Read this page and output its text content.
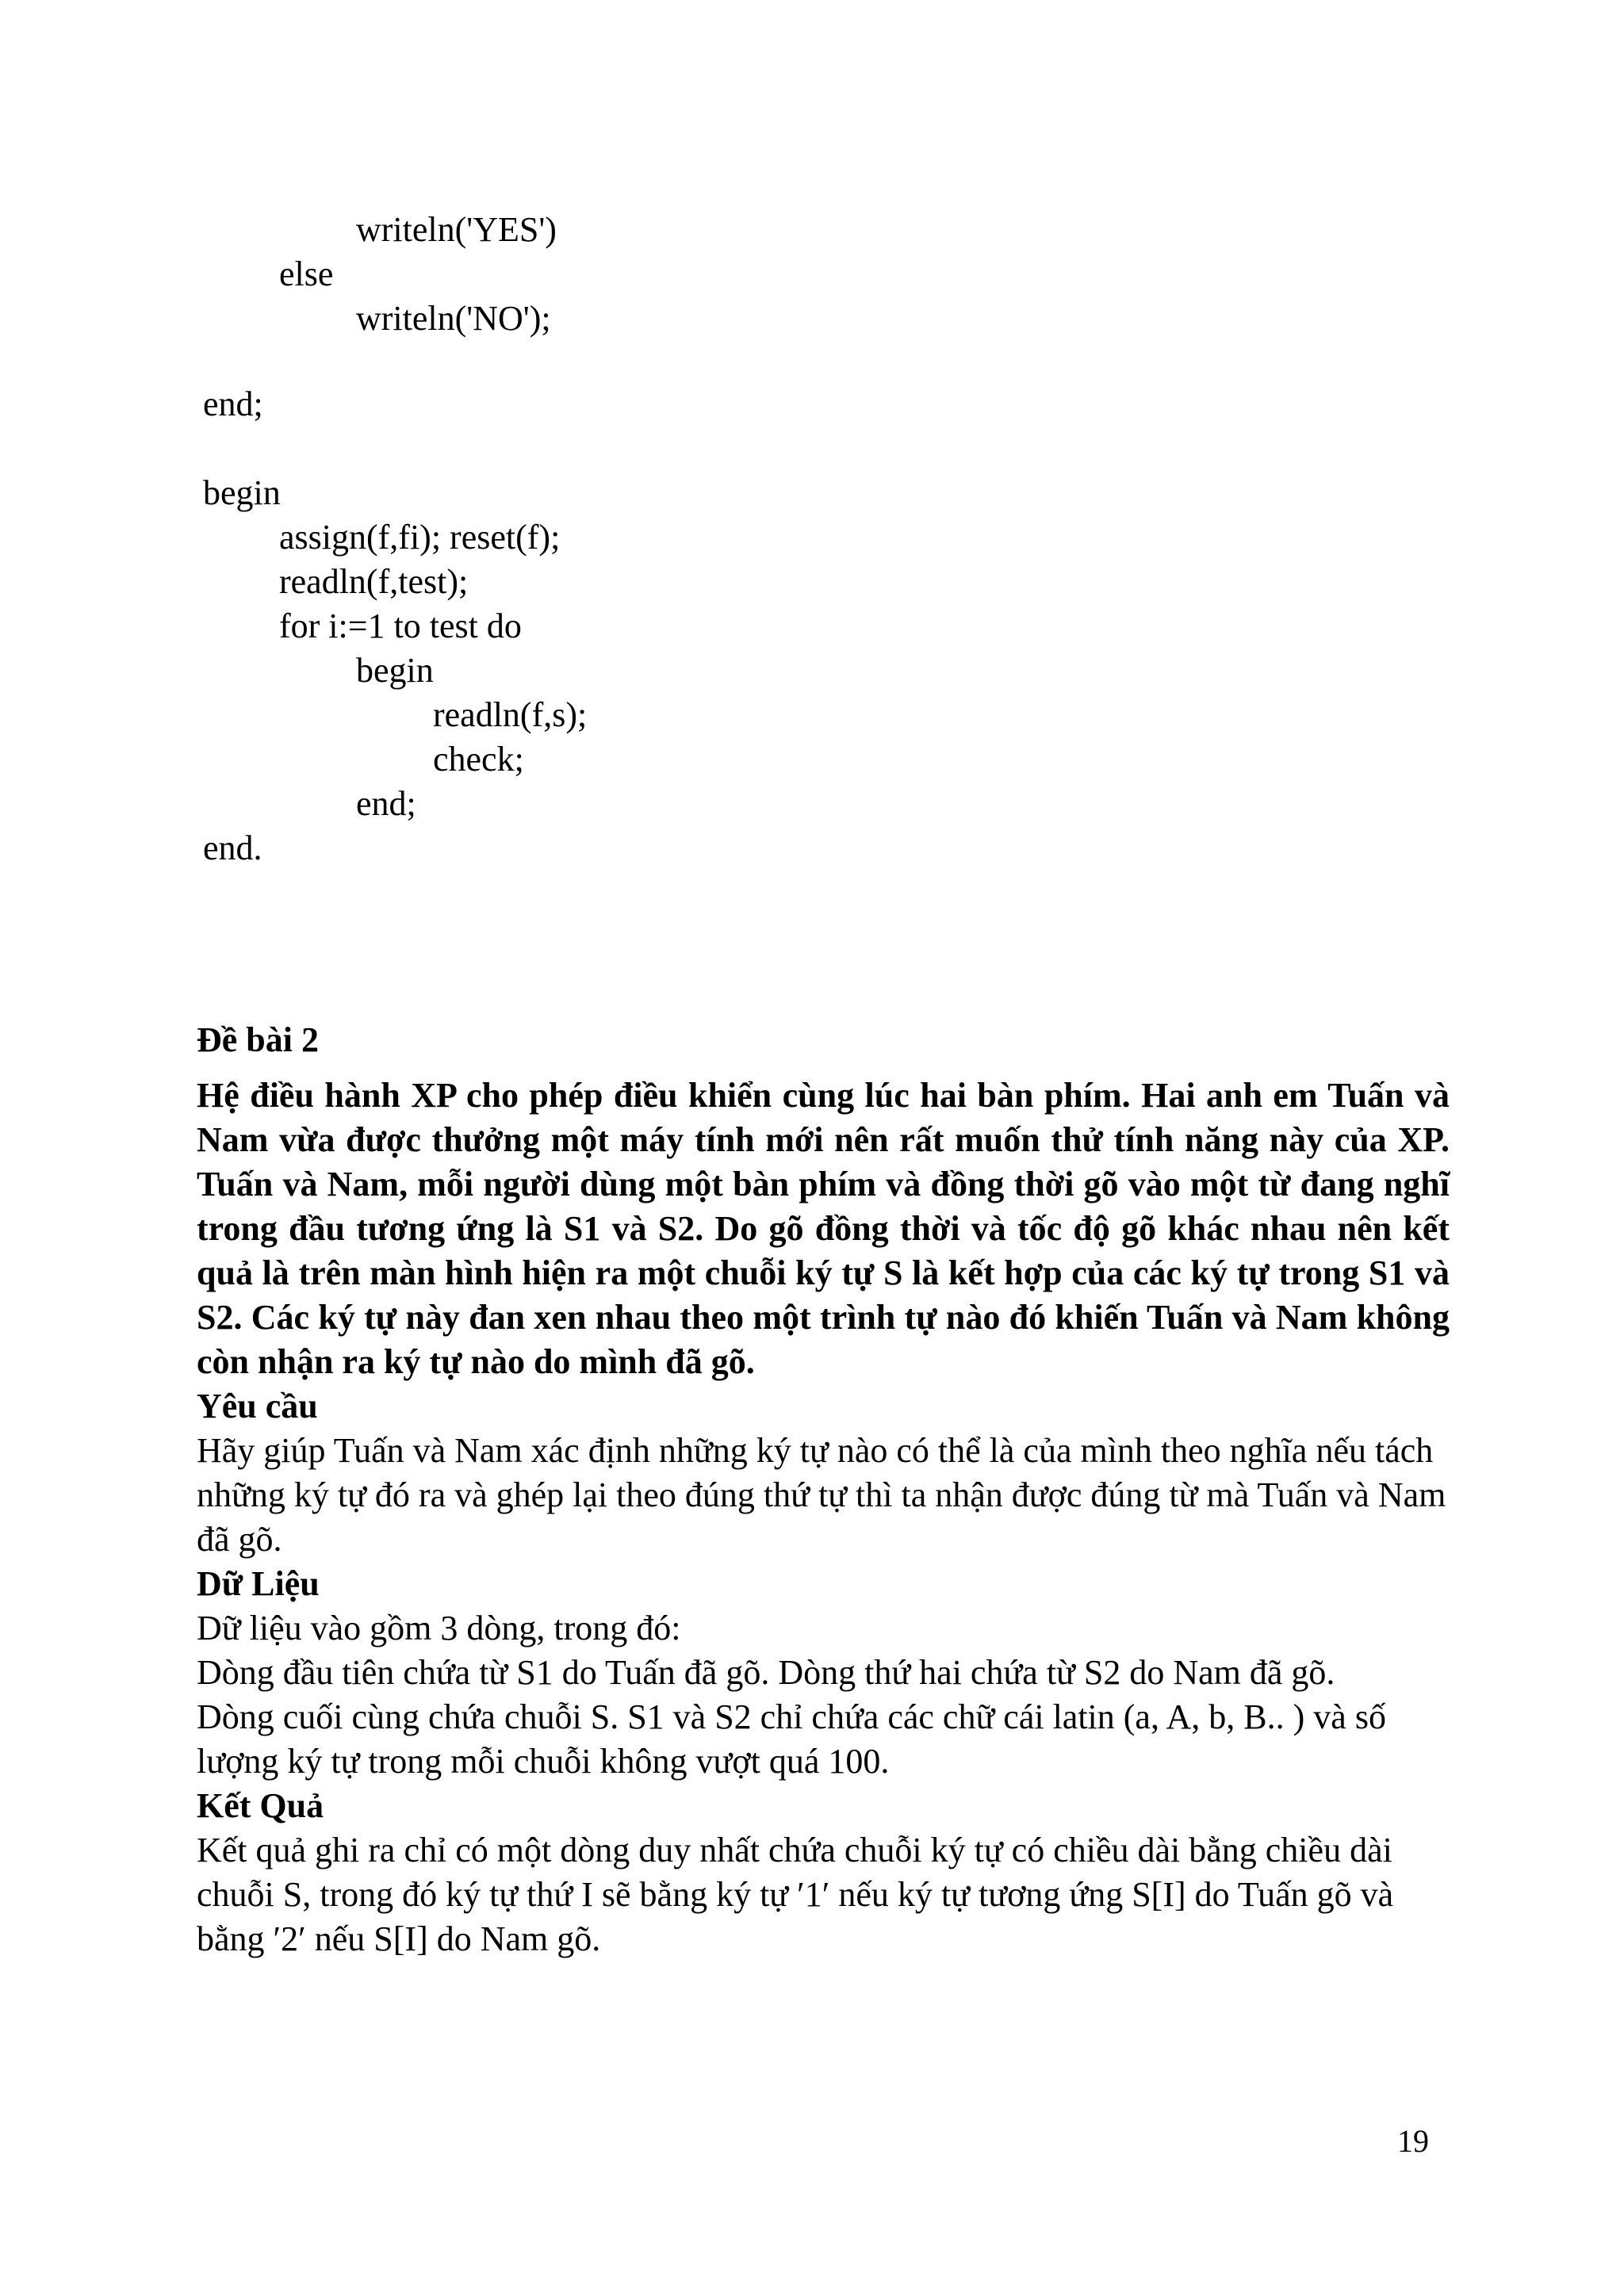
writeln('YES')
else
writeln('NO');
end;
begin
assign(f,fi); reset(f);
readln(f,test);
for i:=1 to test do
begin
readln(f,s);
check;
end;
end.
Đề bài 2
Hệ điều hành XP cho phép điều khiển cùng lúc hai bàn phím. Hai anh em Tuấn và Nam vừa được thưởng một máy tính mới nên rất muốn thử tính năng này của XP. Tuấn và Nam, mỗi người dùng một bàn phím và đồng thời gõ vào một từ đang nghĩ trong đầu tương ứng là S1 và S2. Do gõ đồng thời và tốc độ gõ khác nhau nên kết quả là trên màn hình hiện ra một chuỗi ký tự S là kết hợp của các ký tự trong S1 và S2. Các ký tự này đan xen nhau theo một trình tự nào đó khiến Tuấn và Nam không còn nhận ra ký tự nào do mình đã gõ.
Yêu cầu
Hãy giúp Tuấn và Nam xác định những ký tự nào có thể là của mình theo nghĩa nếu tách những ký tự đó ra và ghép lại theo đúng thứ tự thì ta nhận được đúng từ mà Tuấn và Nam đã gõ.
Dữ Liệu
Dữ liệu vào gồm 3 dòng, trong đó:
Dòng đầu tiên chứa từ S1 do Tuấn đã gõ. Dòng thứ hai chứa từ S2 do Nam đã gõ.
Dòng cuối cùng chứa chuỗi S. S1 và S2 chỉ chứa các chữ cái latin (a, A, b, B.. ) và số lượng ký tự trong mỗi chuỗi không vượt quá 100.
Kết Quả
Kết quả ghi ra chỉ có một dòng duy nhất chứa chuỗi ký tự có chiều dài bằng chiều dài chuỗi S, trong đó ký tự thứ I sẽ bằng ký tự ′1′ nếu ký tự tương ứng S[I] do Tuấn gõ và bằng ′2′ nếu S[I] do Nam gõ.
19
